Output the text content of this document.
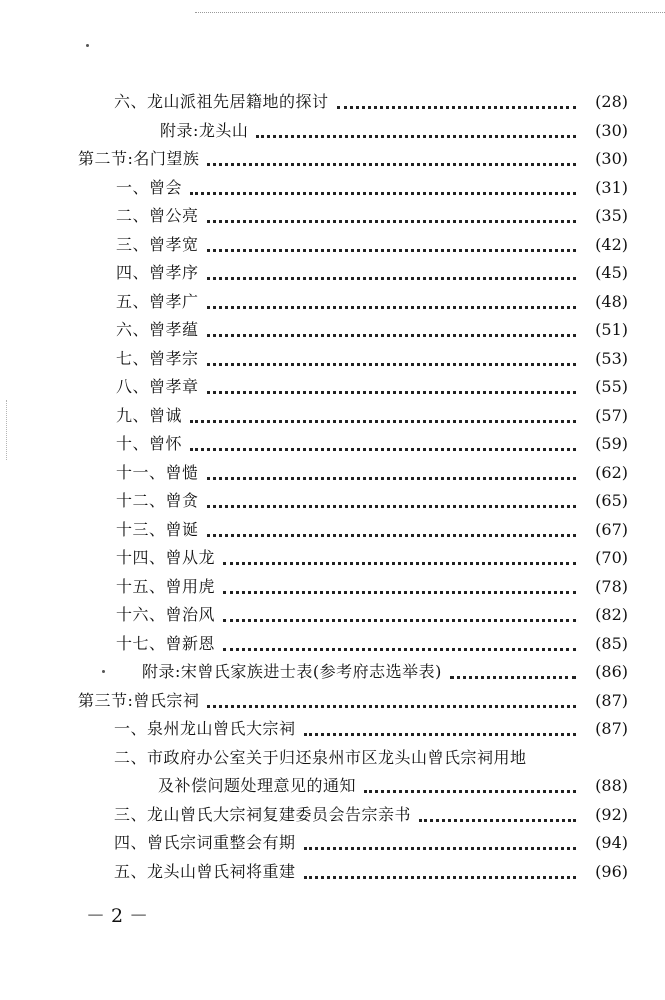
六、龙山派祖先居籍地的探讨	(28)
附录:龙头山	(30)
第二节:名门望族	(30)
一、曾会	(31)
二、曾公亮	(35)
三、曾孝宽	(42)
四、曾孝序	(45)
五、曾孝广	(48)
六、曾孝蕴	(51)
七、曾孝宗	(53)
八、曾孝章	(55)
九、曾诚	(57)
十、曾怀	(59)
十一、曾慥	(62)
十二、曾贪	(65)
十三、曾诞	(67)
十四、曾从龙	(70)
十五、曾用虎	(78)
十六、曾治风	(82)
十七、曾新恩	(85)
附录:宋曾氏家族进士表(参考府志选举表)	(86)
第三节:曾氏宗祠	(87)
一、泉州龙山曾氏大宗祠	(87)
二、市政府办公室关于归还泉州市区龙头山曾氏宗祠用地
及补偿问题处理意见的通知	(88)
三、龙山曾氏大宗祠复建委员会告宗亲书	(92)
四、曾氏宗词重整会有期	(94)
五、龙头山曾氏祠将重建	(96)
－ 2 －
